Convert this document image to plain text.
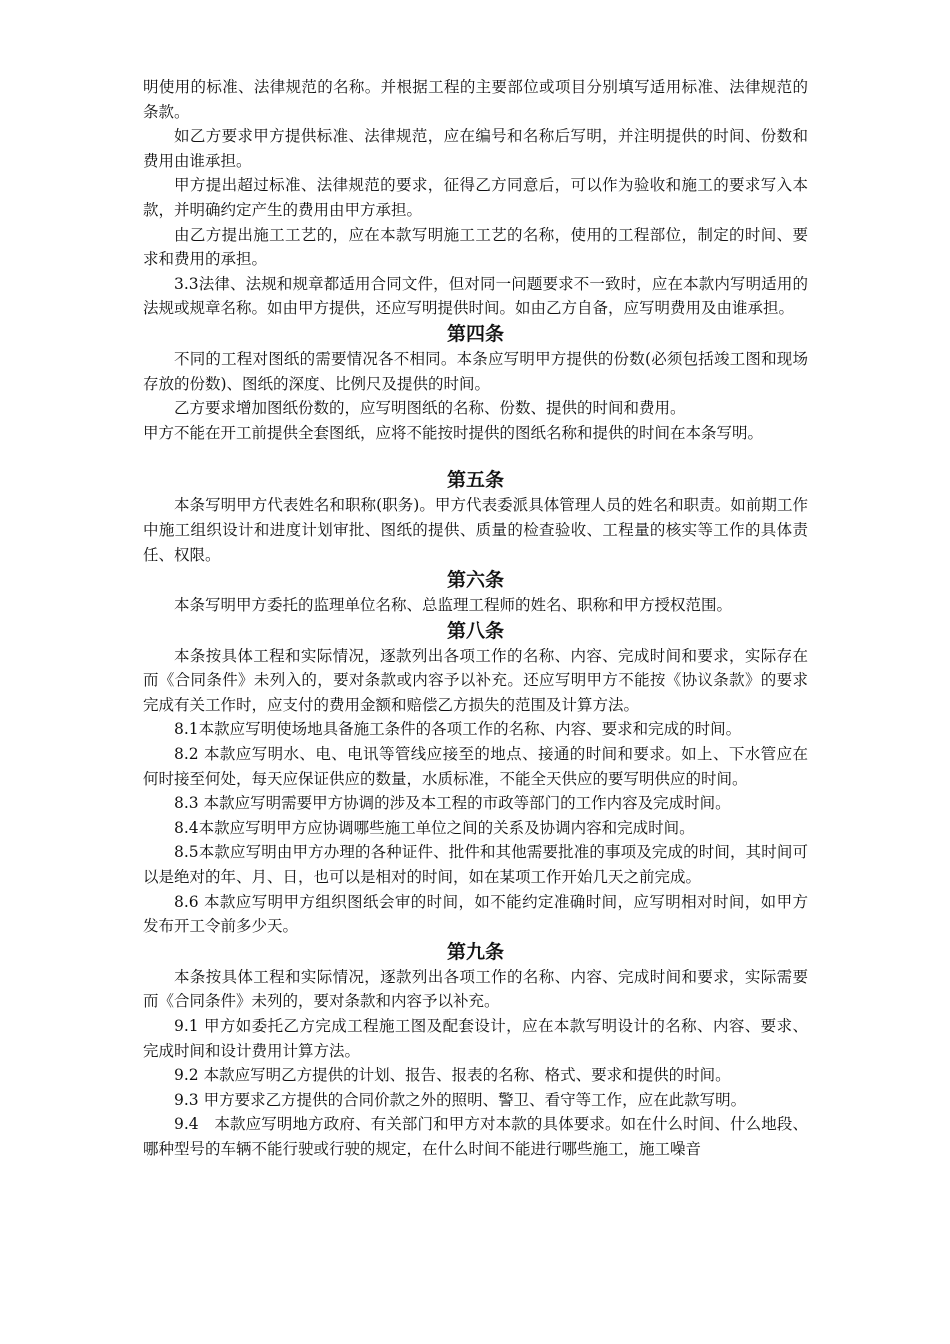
明使用的标准、法律规范的名称。并根据工程的主要部位或项目分别填写适用标准、法律规范的条款。

如乙方要求甲方提供标准、法律规范，应在编号和名称后写明，并注明提供的时间、份数和费用由谁承担。

甲方提出超过标准、法律规范的要求，征得乙方同意后，可以作为验收和施工的要求写入本款，并明确约定产生的费用由甲方承担。

由乙方提出施工工艺的，应在本款写明施工工艺的名称，使用的工程部位，制定的时间、要求和费用的承担。

3.3法律、法规和规章都适用合同文件，但对同一问题要求不一致时，应在本款内写明适用的法规或规章名称。如由甲方提供，还应写明提供时间。如由乙方自备，应写明费用及由谁承担。

第四条

不同的工程对图纸的需要情况各不相同。本条应写明甲方提供的份数(必须包括竣工图和现场存放的份数)、图纸的深度、比例尺及提供的时间。

乙方要求增加图纸份数的，应写明图纸的名称、份数、提供的时间和费用。

甲方不能在开工前提供全套图纸，应将不能按时提供的图纸名称和提供的时间在本条写明。

第五条

本条写明甲方代表姓名和职称(职务)。甲方代表委派具体管理人员的姓名和职责。如前期工作中施工组织设计和进度计划审批、图纸的提供、质量的检查验收、工程量的核实等工作的具体责任、权限。

第六条

本条写明甲方委托的监理单位名称、总监理工程师的姓名、职称和甲方授权范围。

第八条

本条按具体工程和实际情况，逐款列出各项工作的名称、内容、完成时间和要求，实际存在而《合同条件》未列入的，要对条款或内容予以补充。还应写明甲方不能按《协议条款》的要求完成有关工作时，应支付的费用金额和赔偿乙方损失的范围及计算方法。

8.1本款应写明使场地具备施工条件的各项工作的名称、内容、要求和完成的时间。

8.2 本款应写明水、电、电讯等管线应接至的地点、接通的时间和要求。如上、下水管应在何时接至何处，每天应保证供应的数量，水质标准，不能全天供应的要写明供应的时间。

8.3 本款应写明需要甲方协调的涉及本工程的市政等部门的工作内容及完成时间。

8.4本款应写明甲方应协调哪些施工单位之间的关系及协调内容和完成时间。

8.5本款应写明由甲方办理的各种证件、批件和其他需要批准的事项及完成的时间，其时间可以是绝对的年、月、日，也可以是相对的时间，如在某项工作开始几天之前完成。

8.6 本款应写明甲方组织图纸会审的时间，如不能约定准确时间，应写明相对时间，如甲方发布开工令前多少天。

第九条

本条按具体工程和实际情况，逐款列出各项工作的名称、内容、完成时间和要求，实际需要而《合同条件》未列的，要对条款和内容予以补充。

9.1 甲方如委托乙方完成工程施工图及配套设计，应在本款写明设计的名称、内容、要求、完成时间和设计费用计算方法。

9.2 本款应写明乙方提供的计划、报告、报表的名称、格式、要求和提供的时间。

9.3 甲方要求乙方提供的合同价款之外的照明、警卫、看守等工作，应在此款写明。

9.4　本款应写明地方政府、有关部门和甲方对本款的具体要求。如在什么时间、什么地段、哪种型号的车辆不能行驶或行驶的规定，在什么时间不能进行哪些施工，施工噪音
